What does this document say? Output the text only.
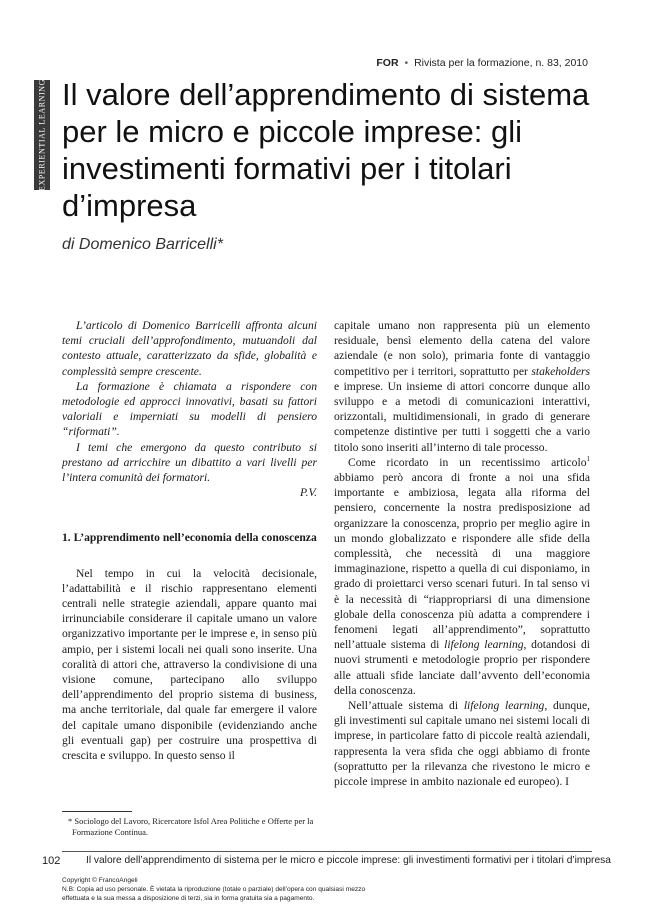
FOR • Rivista per la formazione, n. 83, 2010
EXPERIENTIAL LEARNING Il valore dell’apprendimento di sistema per le micro e piccole imprese: gli investimenti formativi per i titolari d’impresa
di Domenico Barricelli*

L’articolo di Domenico Barricelli affronta alcuni temi cruciali dell’approfondimento, mutuandoli dal contesto attuale, caratterizzato da sfide, globalità e complessità sempre crescente.

La formazione è chiamata a rispondere con metodologie ed approcci innovativi, basati su fattori valoriali e imperniati su modelli di pensiero “riformati”.

I temi che emergono da questo contributo si prestano ad arricchire un dibattito a vari livelli per l’intera comunità dei formatori.

P.V.

1. L’apprendimento nell’economia della conoscenza

Nel tempo in cui la velocità decisionale, l’adattabilità e il rischio rappresentano elementi centrali nelle strategie aziendali, appare quanto mai irrinunciabile considerare il capitale umano un valore organizzativo importante per le imprese e, in senso più ampio, per i sistemi locali nei quali sono inserite. Una coralità di attori che, attraverso la condivisione di una visione comune, partecipano allo sviluppo dell’apprendimento del proprio sistema di business, ma anche territoriale, dal quale far emergere il valore del capitale umano disponibile (evidenziando anche gli eventuali gap) per costruire una prospettiva di crescita e sviluppo. In questo senso il

capitale umano non rappresenta più un elemento residuale, bensì elemento della catena del valore aziendale (e non solo), primaria fonte di vantaggio competitivo per i territori, soprattutto per stakeholders e imprese. Un insieme di attori concorre dunque allo sviluppo e a metodi di comunicazioni interattivi, orizzontali, multidimensionali, in grado di generare competenze distintive per tutti i soggetti che a vario titolo sono inseriti all’interno di tale processo.

Come ricordato in un recentissimo articolo$^1$ abbiamo però ancora di fronte a noi una sfida importante e ambiziosa, legata alla riforma del pensiero, concernente la nostra predisposizione ad organizzare la conoscenza, proprio per meglio agire in un mondo globalizzato e rispondere alle sfide della complessità, che necessità di una maggiore immaginazione, rispetto a quella di cui disponiamo, in grado di proiettarci verso scenari futuri. In tal senso vi è la necessità di “riappropriarsi di una dimensione globale della conoscenza più adatta a comprendere i fenomeni legati all’apprendimento”, soprattutto nell’attuale sistema di lifelong learning, dotandosi di nuovi strumenti e metodologie proprio per rispondere alle attuali sfide lanciate dall’avvento dell’economia della conoscenza.

Nell’attuale sistema di lifelong learning, dunque, gli investimenti sul capitale umano nei sistemi locali di imprese, in particolare fatto di piccole realtà aziendali, rappresenta la vera sfida che oggi abbiamo di fronte (soprattutto per la rilevanza che rivestono le micro e piccole imprese in ambito nazionale ed europeo). I

* Sociologo del Lavoro, Ricercatore Isfol Area Politiche e Offerte per la Formazione Continua.
102	Il valore dell’apprendimento di sistema per le micro e piccole imprese: gli investimenti formativi per i titolari d’impresa
Copyright © FrancoAngeli
N.B: Copia ad uso personale. È vietata la riproduzione (totale o parziale) dell’opera con qualsiasi mezzo
effettuata e la sua messa a disposizione di terzi, sia in forma gratuita sia a pagamento.
